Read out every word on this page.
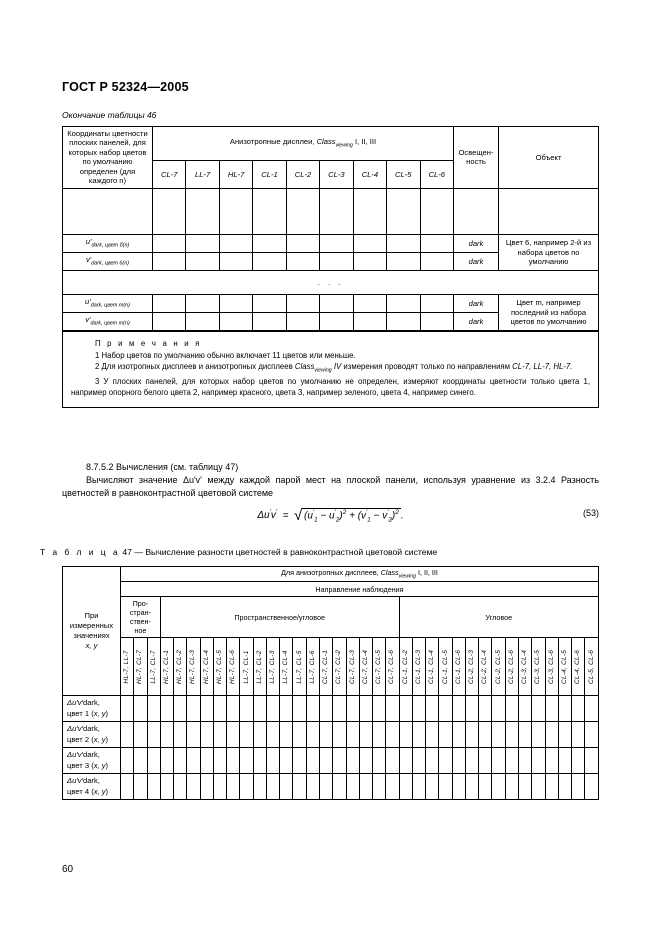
ГОСТ Р 52324—2005
Окончание таблицы 46
Координаты цветности плоских панелей, для которых набор цветов по умолчанию определен (для каждого n)	Анизотропные дисплеи, Class$_{viewing}$ I, II, III									Освещен-
ность	Объект
	CL-7	LL-7	HL-7	CL-1	CL-2	CL-3	CL-4	CL-5	CL-6		

$u'_{dark, цвет б(n)}$										dark	Цвет 6, например 2-й из набора цветов по умолчанию
$v'_{dark, цвет 6(n)}$										dark	
. . .											
$u'_{dark, цвет m(n)}$										dark	Цвет m, например последний из набора цветов по умолчанию
$v'_{dark, цвет m(n)}$										dark	
П р и м е ч а н и я

1 Набор цветов по умолчанию обычно включает 11 цветов или меньше.

2 Для изотропных дисплеев и анизотропных дисплеев Class$_{viewing}$ IV измерения проводят только по направлениям CL-7, LL-7, HL-7.

3 У плоских панелей, для которых набор цветов по умолчанию не определен, измеряют координаты цветности только цвета 1, например опорного белого цвета 2, например красного, цвета 3, например зеленого, цвета 4, например синего.

8.7.5.2 Вычисления (см. таблицу 47)
Вычисляют значение Δu'v' между каждой парой мест на плоской панели, используя уравнение из 3.2.4 Разность цветностей в равноконтрастной цветовой системе
Δu′v′  =  √ $(u'_1 - u'_2)^2 + (v'_1 - v'_2)^2$ .	(53)
Т а б л и ц а 47 — Вычисление разности цветностей в равноконтрастной цветовой системе
При
измеренных
значениях
x, y	Для анизотропных дисплеев, Class$_{viewing}$ I, II, III																																			
	Направление наблюдения																																			
	Про-
стран-
ствен-
ное			Пространственное/угловое																		Угловое														

	HL-7, LL-7	HL-7, CL-7	LL-7, CL-7	HL-7, CL-1	HL-7, CL-2	HL-7, CL-3	HL-7, CL-4	HL-7, CL-5	HL-7, CL-6	LL-7, CL-1	LL-7, CL-2	LL-7, CL-3	LL-7, CL-4	LL-7, CL-5	LL-7, CL-6	CL-7, CL-1	CL-7, CL-2	CL-7, CL-3	CL-7, CL-4	CL-7, CL-5	CL-7, CL-6	CL-1, CL-2	CL-1, CL-3	CL-1, CL-4	CL-1, CL-5	CL-1, CL-6	CL-2, CL-3	CL-2, CL-4	CL-2, CL-5	CL-2, CL-6	CL-3, CL-4	CL-3, CL-5	CL-3, CL-6	CL-4, CL-5	CL-4, CL-6	CL-5, CL-6

Δu′v′dark,
цвет 1 (x, y)																																				
Δu′v′dark,
цвет 2 (x, y)																																				
Δu′v′dark,
цвет 3 (x, y)																																				
Δu′v′dark,
цвет 4 (x, y)																																				
60
